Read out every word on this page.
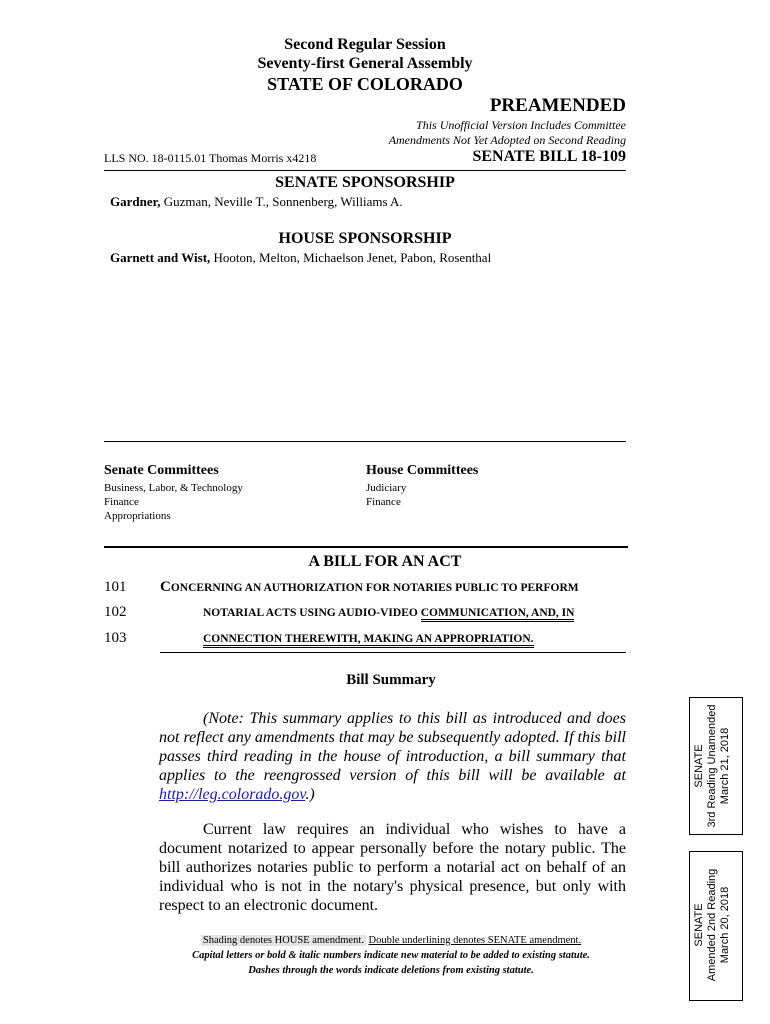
Second Regular Session
Seventy-first General Assembly
STATE OF COLORADO
PREAMENDED
This Unofficial Version Includes Committee
Amendments Not Yet Adopted on Second Reading
LLS NO. 18-0115.01 Thomas Morris x4218	SENATE BILL 18-109
SENATE SPONSORSHIP
Gardner, Guzman, Neville T., Sonnenberg, Williams A.
HOUSE SPONSORSHIP
Garnett and Wist, Hooton, Melton, Michaelson Jenet, Pabon, Rosenthal
Senate Committees
Business, Labor, & Technology
Finance
Appropriations
House Committees
Judiciary
Finance
A BILL FOR AN ACT
101 CONCERNING AN AUTHORIZATION FOR NOTARIES PUBLIC TO PERFORM
102	NOTARIAL ACTS USING AUDIO-VIDEO COMMUNICATION, AND, IN
103	CONNECTION THEREWITH, MAKING AN APPROPRIATION.
Bill Summary
(Note: This summary applies to this bill as introduced and does not reflect any amendments that may be subsequently adopted. If this bill passes third reading in the house of introduction, a bill summary that applies to the reengrossed version of this bill will be available at http://leg.colorado.gov.)
Current law requires an individual who wishes to have a document notarized to appear personally before the notary public. The bill authorizes notaries public to perform a notarial act on behalf of an individual who is not in the notary's physical presence, but only with respect to an electronic document.
Shading denotes HOUSE amendment. Double underlining denotes SENATE amendment.
Capital letters or bold & italic numbers indicate new material to be added to existing statute.
Dashes through the words indicate deletions from existing statute.
SENATE 3rd Reading Unamended March 21, 2018
SENATE Amended 2nd Reading March 20, 2018
